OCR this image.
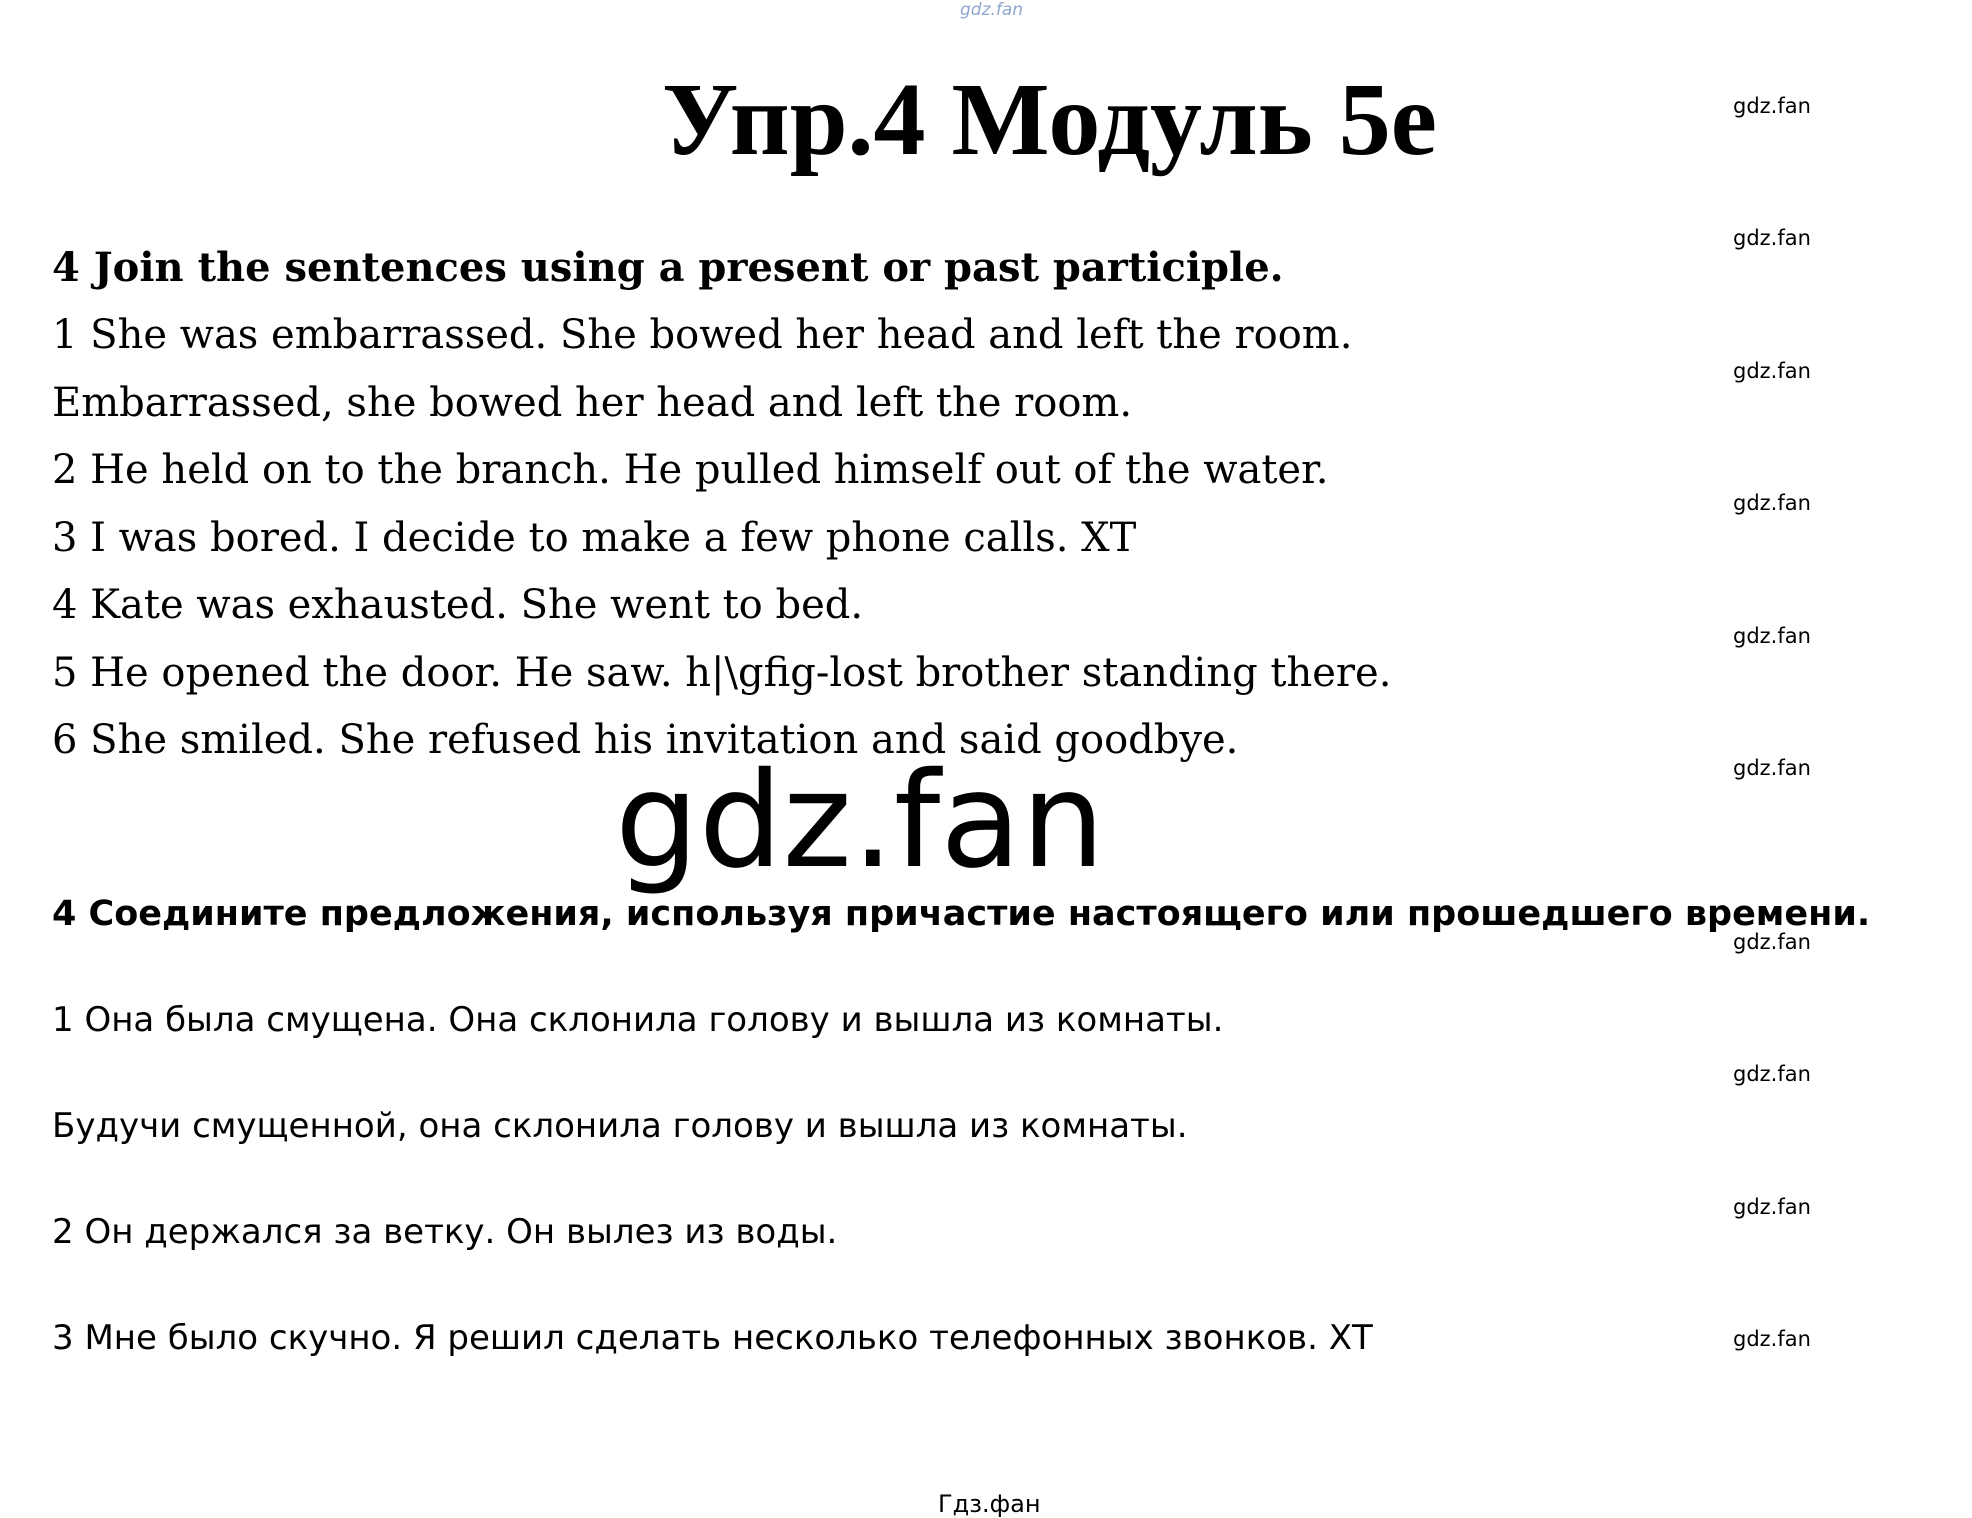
gdz.fan
Упр.4 Модуль 5e
4 Join the sentences using a present or past participle.
1 She was embarrassed. She bowed her head and left the room.
Embarrassed, she bowed her head and left the room.
2 He held on to the branch. He pulled himself out of the water.
3 I was bored. I decide to make a few phone calls. XT
4 Kate was exhausted. She went to bed.
5 He opened the door. He saw. h|\gfig-lost brother standing there.
6 She smiled. She refused his invitation and said goodbye.
gdz.fan
4 Соедините предложения, используя причастие настоящего или прошедшего времени.
1 Она была смущена. Она склонила голову и вышла из комнаты.
Будучи смущенной, она склонила голову и вышла из комнаты.
2 Он держался за ветку. Он вылез из воды.
3 Мне было скучно. Я решил сделать несколько телефонных звонков. ХТ
gdz.fan
gdz.fan
gdz.fan
gdz.fan
gdz.fan
gdz.fan
gdz.fan
gdz.fan
gdz.fan
gdz.fan
Гдз.фан
